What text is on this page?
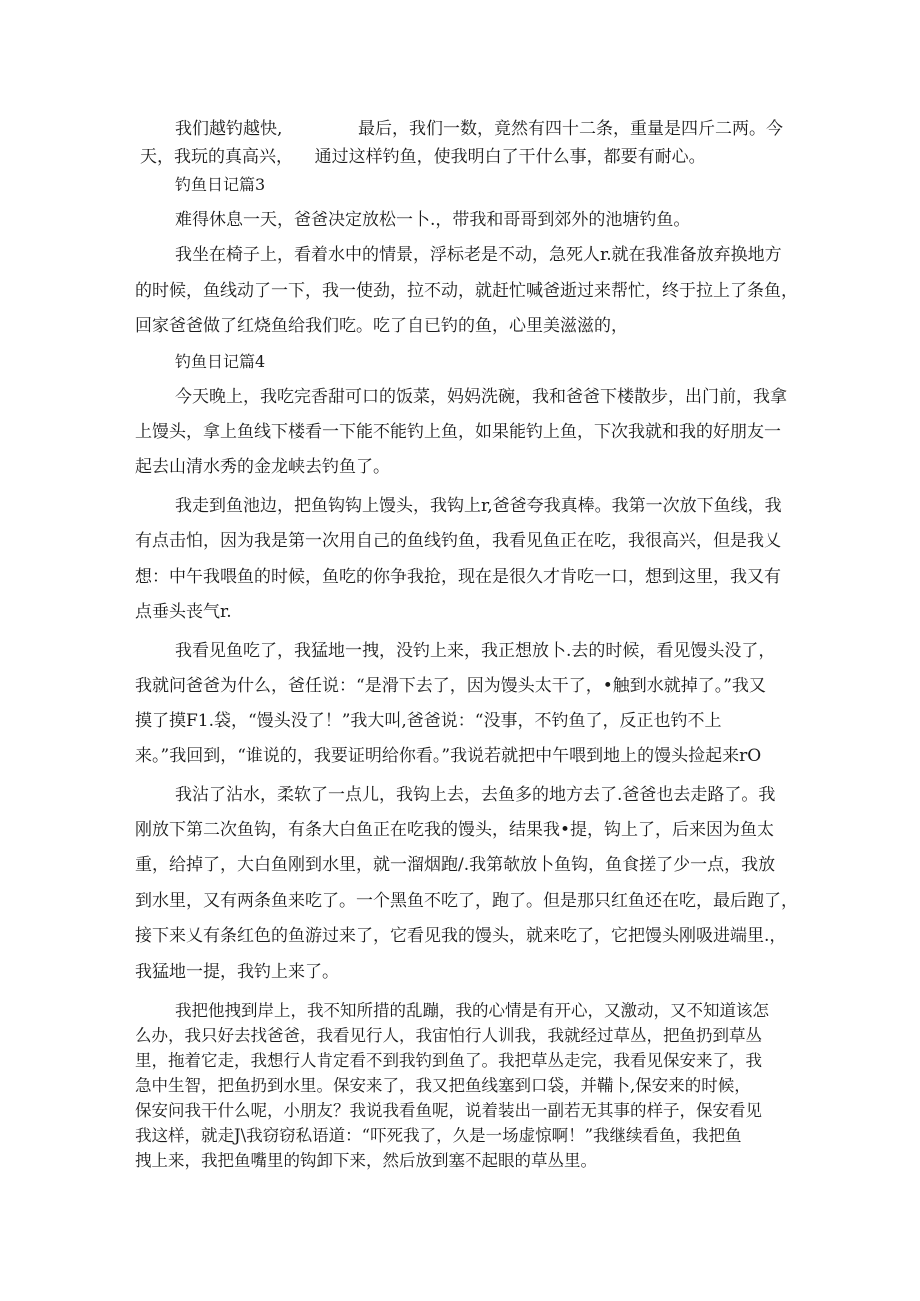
我们越钓越快,              最后，我们一数，竟然有四十二条，重量是四斤二两。今

天，我玩的真高兴，    通过这样钓鱼，使我明白了干什么事，都要有耐心。

钓鱼日记篇3

难得休息一天，爸爸决定放松一卜.，带我和哥哥到郊外的池塘钓鱼。

我坐在椅子上，看着水中的情景，浮标老是不动，急死人r.就在我准备放弃换地方

的时候，鱼线动了一下，我一使劲，拉不动，就赶忙喊爸逝过来帮忙，终于拉上了条鱼，

回家爸爸做了红烧鱼给我们吃。吃了自已钓的鱼，心里美滋滋的，

钓鱼日记篇4

今天晚上，我吃完香甜可口的饭菜，妈妈洗碗，我和爸爸下楼散步，出门前，我拿

上馒头，拿上鱼线下楼看一下能不能钓上鱼，如果能钓上鱼，下次我就和我的好朋友一

起去山清水秀的金龙峡去钓鱼了。

我走到鱼池边，把鱼钩钩上馒头，我钩上r,爸爸夸我真棒。我第一次放下鱼线，我

有点击怕，因为我是第一次用自己的鱼线钓鱼，我看见鱼正在吃，我很高兴，但是我乂

想：中午我喂鱼的时候，鱼吃的你争我抢，现在是很久才肯吃一口，想到这里，我又有

点垂头丧气r.

我看见鱼吃了，我猛地一拽，没钓上来，我正想放卜.去的时候，看见馒头没了，

我就问爸爸为什么，爸任说：“是滑下去了，因为馒头太干了，•触到水就掉了。”我又

摸了摸F1.袋，“馒头没了！”我大叫,爸爸说：“没事，不钓鱼了，反正也钓不上

来。”我回到，“谁说的，我要证明给你看。”我说若就把中午喂到地上的馒头捡起来rO

我沾了沾水，柔软了一点儿，我钩上去，去鱼多的地方去了.爸爸也去走路了。我

刚放下第二次鱼钩，有条大白鱼正在吃我的馒头，结果我•提，钩上了，后来因为鱼太

重，给掉了，大白鱼刚到水里，就一溜烟跑/.我第欹放卜鱼钩，鱼食搓了少一点，我放

到水里，又有两条鱼来吃了。一个黑鱼不吃了，跑了。但是那只红鱼还在吃，最后跑了，

接下来乂有条红色的鱼游过来了，它看见我的馒头，就来吃了，它把馒头刚吸进端里.，

我猛地一提，我钓上来了。

我把他拽到岸上，我不知所措的乱蹦，我的心情是有开心，又激动，又不知道该怎

么办，我只好去找爸爸，我看见行人，我宙怕行人训我，我就经过草丛，把鱼扔到草丛

里，拖着它走，我想行人肯定看不到我钓到鱼了。我把草丛走完，我看见保安来了，我

急中生智，把鱼扔到水里。保安来了，我又把鱼线塞到口袋，并鞴卜,保安来的时候，

保安问我干什么呢，小朋友？我说我看鱼呢，说着装出一副若无其事的样子，保安看见

我这样，就走J\我窃窃私语道：“吓死我了，久是一场虚惊啊！”我继续看鱼，我把鱼

拽上来，我把鱼嘴里的钩卸下来，然后放到塞不起眼的草丛里。
